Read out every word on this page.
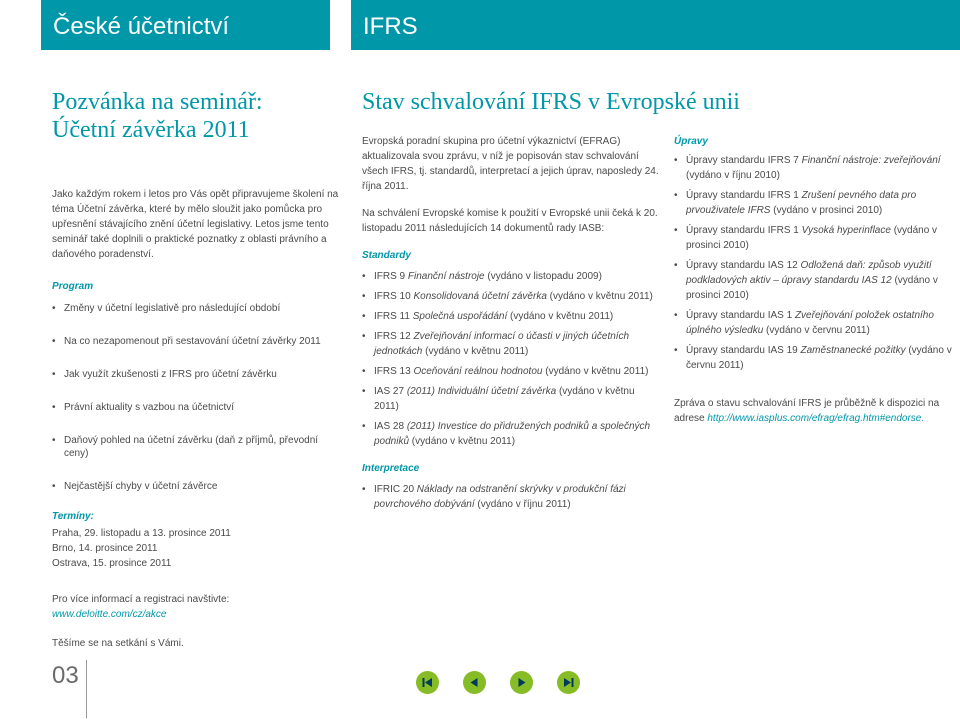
České účetnictví	IFRS
Pozvánka na seminář:
Účetní závěrka 2011

Jako každým rokem i letos pro Vás opět připravujeme školení na téma Účetní závěrka, které by mělo sloužit jako pomůcka pro upřesnění stávajícího znění účetní legislativy. Letos jsme tento seminář také doplnili o praktické poznatky z oblasti právního a daňového poradenství.

Program
• Změny v účetní legislativě pro následující období
• Na co nezapomenout při sestavování účetní závěrky 2011
• Jak využít zkušenosti z IFRS pro účetní závěrku
• Právní aktuality s vazbou na účetnictví
• Daňový pohled na účetní závěrku (daň z příjmů, převodní ceny)
• Nejčastější chyby v účetní závěrce
Termíny:
Praha, 29. listopadu a 13. prosince 2011
Brno, 14. prosince 2011
Ostrava, 15. prosince 2011

Pro více informací a registraci navštivte: www.deloitte.com/cz/akce

Těšíme se na setkání s Vámi.

Stav schvalování IFRS v Evropské unii

Evropská poradní skupina pro účetní výkaznictví (EFRAG) aktualizovala svou zprávu, v níž je popisován stav schvalování všech IFRS, tj. standardů, interpretací a jejich úprav, naposledy 24. října 2011.

Na schválení Evropské komise k použití v Evropské unii čeká k 20. listopadu 2011 následujících 14 dokumentů rady IASB:

Standardy
• IFRS 9 Finanční nástroje (vydáno v listopadu 2009)
• IFRS 10 Konsolidovaná účetní závěrka (vydáno v květnu 2011)
• IFRS 11 Společná uspořádání (vydáno v květnu 2011)
• IFRS 12 Zveřejňování informací o účasti v jiných účetních jednotkách (vydáno v květnu 2011)
• IFRS 13 Oceňování reálnou hodnotou (vydáno v květnu 2011)
• IAS 27 (2011) Individuální účetní závěrka (vydáno v květnu 2011)
• IAS 28 (2011) Investice do přidružených podniků a společných podniků (vydáno v květnu 2011)
Interpretace
• IFRIC 20 Náklady na odstranění skrývky v produkční fázi povrchového dobývání (vydáno v říjnu 2011)
Úpravy
• Úpravy standardu IFRS 7 Finanční nástroje: zveřejňování (vydáno v říjnu 2010)
• Úpravy standardu IFRS 1 Zrušení pevného data pro prvouživatele IFRS (vydáno v prosinci 2010)
• Úpravy standardu IFRS 1 Vysoká hyperinflace (vydáno v prosinci 2010)
• Úpravy standardu IAS 12 Odložená daň: způsob využití podkladových aktiv – úpravy standardu IAS 12 (vydáno v prosinci 2010)
• Úpravy standardu IAS 1 Zveřejňování položek ostatního úplného výsledku (vydáno v červnu 2011)
• Úpravy standardu IAS 19 Zaměstnanecké požitky (vydáno v červnu 2011)

Zpráva o stavu schvalování IFRS je průběžně k dispozici na adrese http://www.iasplus.com/efrag/efrag.htm#endorse.

03
